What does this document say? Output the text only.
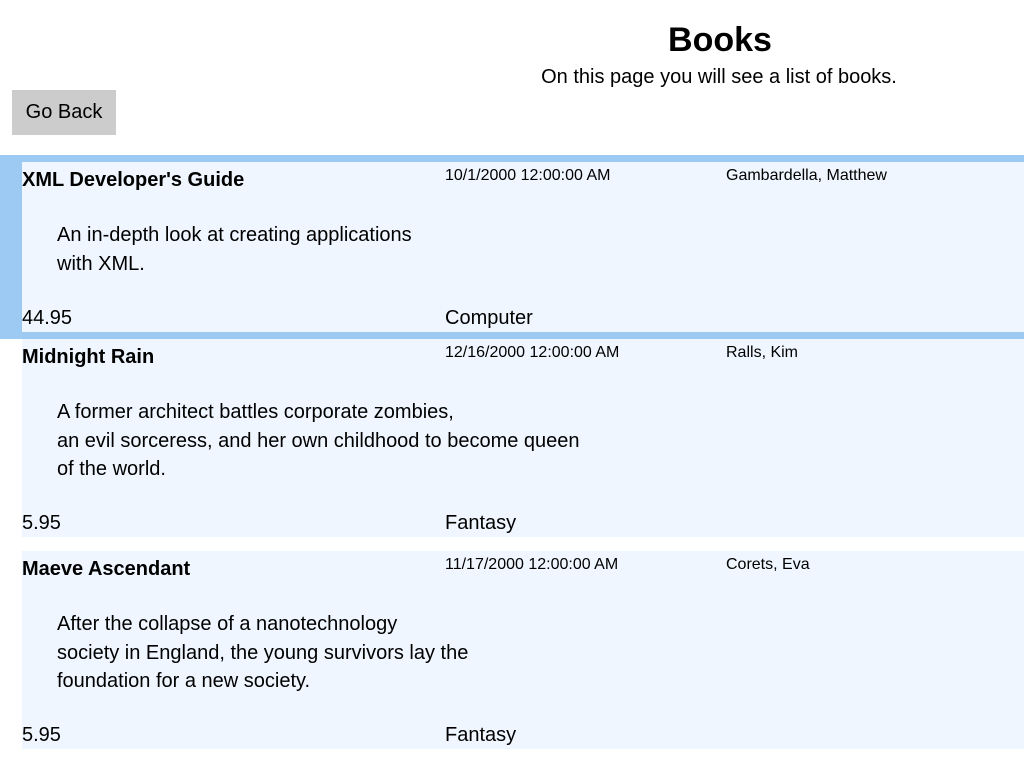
Books
On this page you will see a list of books.
Go Back
XML Developer's Guide	10/1/2000 12:00:00 AM	Gambardella, Matthew
An in-depth look at creating applications
with XML.
44.95	Computer
Midnight Rain	12/16/2000 12:00:00 AM	Ralls, Kim
A former architect battles corporate zombies,
an evil sorceress, and her own childhood to become queen
of the world.
5.95	Fantasy
Maeve Ascendant	11/17/2000 12:00:00 AM	Corets, Eva
After the collapse of a nanotechnology
society in England, the young survivors lay the
foundation for a new society.
5.95	Fantasy
